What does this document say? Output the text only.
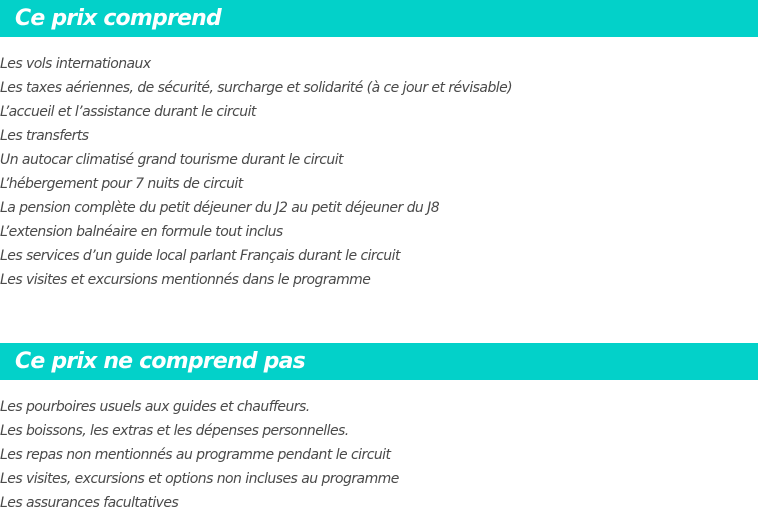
Ce prix comprend
Les vols internationaux
Les taxes aériennes, de sécurité, surcharge et solidarité (à ce jour et révisable)
L’accueil et l’assistance durant le circuit
Les transferts
Un autocar climatisé grand tourisme durant le circuit
L’hébergement pour 7 nuits de circuit
La pension complète du petit déjeuner du J2 au petit déjeuner du J8
L’extension balnéaire en formule tout inclus
Les services d’un guide local parlant Français durant le circuit
Les visites et excursions mentionnés dans le programme
Ce prix ne comprend pas
Les pourboires usuels aux guides et chauffeurs.
Les boissons, les extras et les dépenses personnelles.
Les repas non mentionnés au programme pendant le circuit
Les visites, excursions et options non incluses au programme
Les assurances facultatives
